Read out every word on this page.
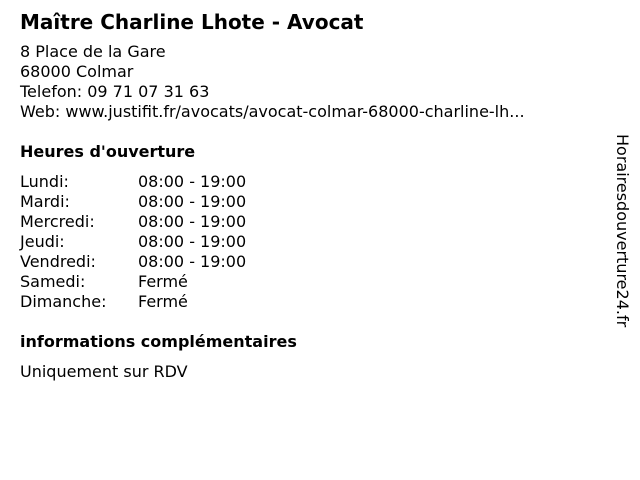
Maître Charline Lhote - Avocat
8 Place de la Gare
68000 Colmar
Telefon: 09 71 07 31 63
Web: www.justifit.fr/avocats/avocat-colmar-68000-charline-lh...
Heures d'ouverture
Lundi:	08:00 - 19:00
Mardi:	08:00 - 19:00
Mercredi:	08:00 - 19:00
Jeudi:	08:00 - 19:00
Vendredi:	08:00 - 19:00
Samedi:	Fermé
Dimanche: Fermé
informations complémentaires
Uniquement sur RDV
Horairesdouverture24.fr
